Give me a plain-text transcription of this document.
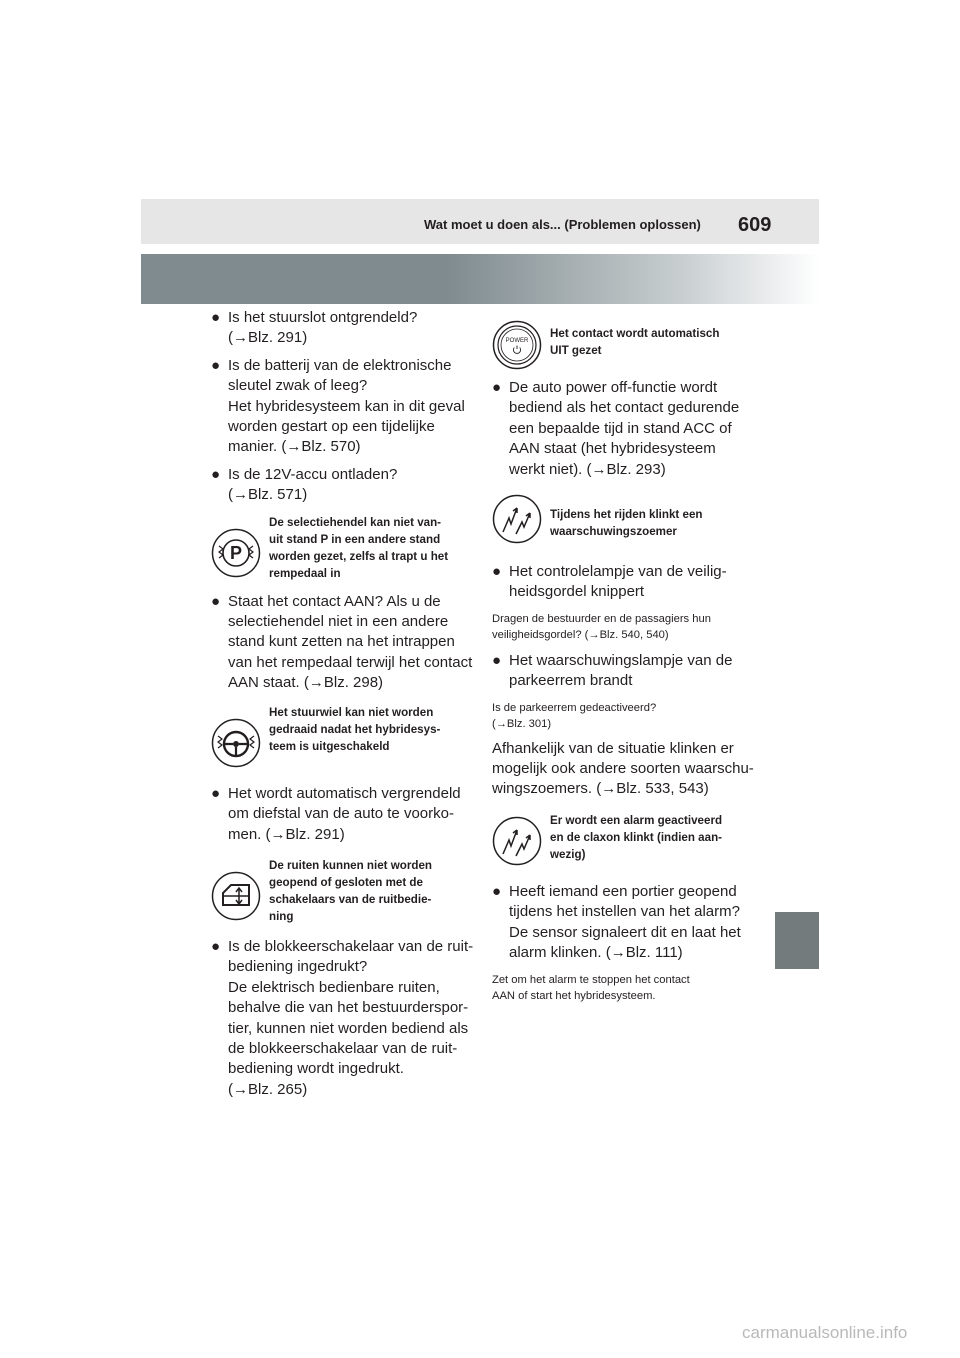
Wat moet u doen als... (Problemen oplossen) 609
● Is het stuurslot ontgrendeld?
(→Blz. 291)
● Is de batterij van de elektronische
sleutel zwak of leeg?
Het hybridesysteem kan in dit geval
worden gestart op een tijdelijke
manier. (→Blz. 570)
● Is de 12V-accu ontladen?
(→Blz. 571)
P
De selectiehendel kan niet van-
uit stand P in een andere stand
worden gezet, zelfs al trapt u het
rempedaal in
● Staat het contact AAN? Als u de
selectiehendel niet in een andere
stand kunt zetten na het intrappen
van het rempedaal terwijl het contact
AAN staat. (→Blz. 298)
Het stuurwiel kan niet worden
gedraaid nadat het hybridesys-
teem is uitgeschakeld
● Het wordt automatisch vergrendeld
om diefstal van de auto te voorko-
men. (→Blz. 291)
De ruiten kunnen niet worden
geopend of gesloten met de
schakelaars van de ruitbedie-
ning
● Is de blokkeerschakelaar van de ruit-
bediening ingedrukt?
De elektrisch bedienbare ruiten,
behalve die van het bestuurderspor-
tier, kunnen niet worden bediend als
de blokkeerschakelaar van de ruit-
bediening wordt ingedrukt.
(→Blz. 265)
POWER
Het contact wordt automatisch
UIT gezet
● De auto power off-functie wordt
bediend als het contact gedurende
een bepaalde tijd in stand ACC of
AAN staat (het hybridesysteem
werkt niet). (→Blz. 293)
Tijdens het rijden klinkt een
waarschuwingszoemer
● Het controlelampje van de veilig-
heidsgordel knippert
Dragen de bestuurder en de passagiers hun
veiligheidsgordel? (→Blz. 540, 540)
● Het waarschuwingslampje van de
parkeerrem brandt
Is de parkeerrem gedeactiveerd?
(→Blz. 301)
Afhankelijk van de situatie klinken er
mogelijk ook andere soorten waarschu-
wingszoemers. (→Blz. 533, 543)
Er wordt een alarm geactiveerd
en de claxon klinkt (indien aan-
wezig)
● Heeft iemand een portier geopend
tijdens het instellen van het alarm?
De sensor signaleert dit en laat het
alarm klinken. (→Blz. 111)
Zet om het alarm te stoppen het contact
AAN of start het hybridesysteem.
carmanualsonline.info
